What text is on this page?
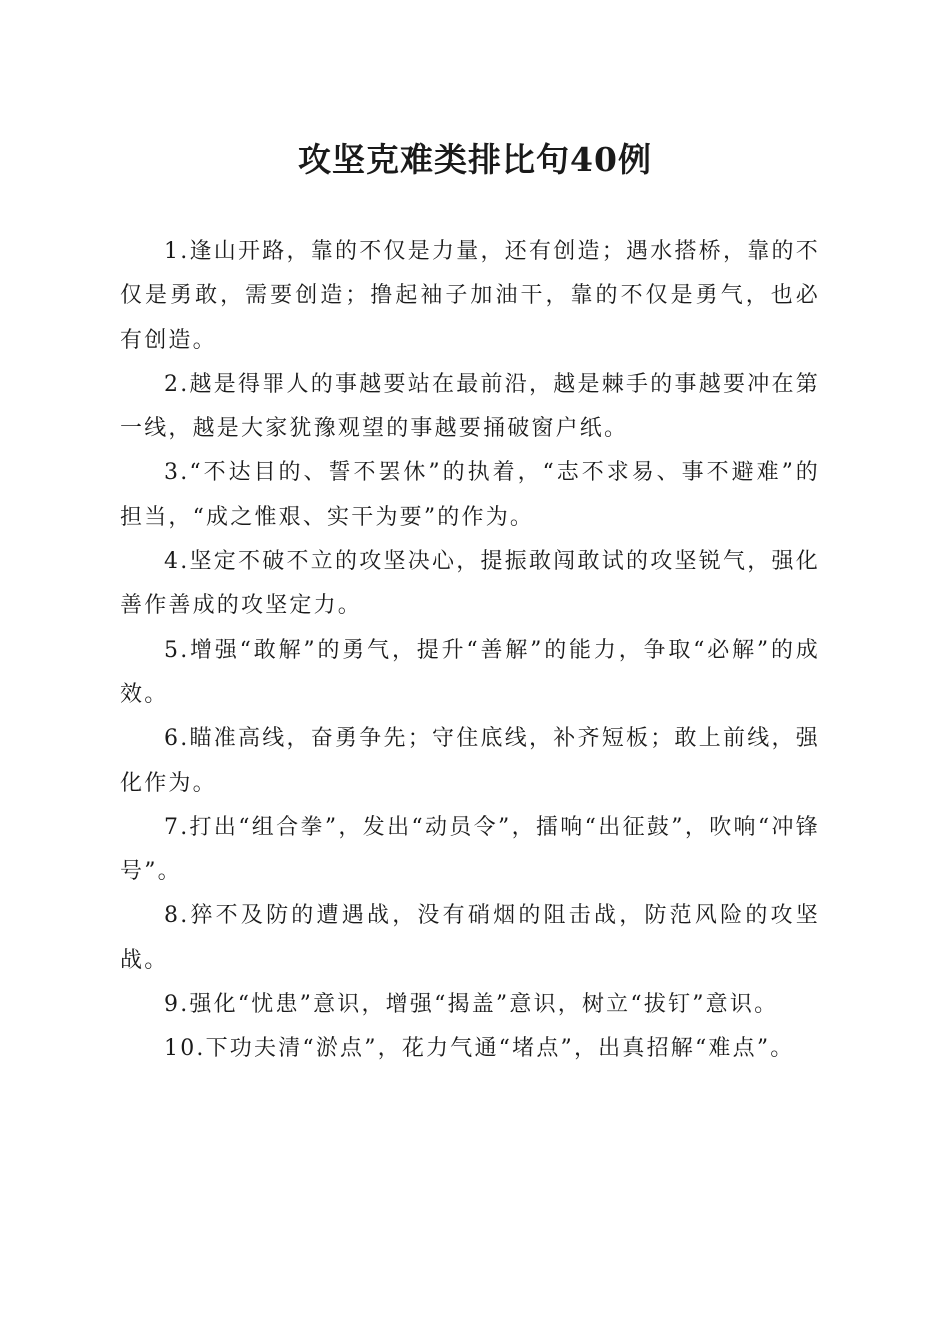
攻坚克难类排比句40例

1.逢山开路，靠的不仅是力量，还有创造；遇水搭桥，靠的不仅是勇敢，需要创造；撸起袖子加油干，靠的不仅是勇气，也必有创造。

2.越是得罪人的事越要站在最前沿，越是棘手的事越要冲在第一线，越是大家犹豫观望的事越要捅破窗户纸。

3.“不达目的、誓不罢休”的执着，“志不求易、事不避难”的担当，“成之惟艰、实干为要”的作为。

4.坚定不破不立的攻坚决心，提振敢闯敢试的攻坚锐气，强化善作善成的攻坚定力。

5.增强“敢解”的勇气，提升“善解”的能力，争取“必解”的成效。

6.瞄准高线，奋勇争先；守住底线，补齐短板；敢上前线，强化作为。

7.打出“组合拳”，发出“动员令”，擂响“出征鼓”，吹响“冲锋号”。

8.猝不及防的遭遇战，没有硝烟的阻击战，防范风险的攻坚战。

9.强化“忧患”意识，增强“揭盖”意识，树立“拔钉”意识。

10.下功夫清“淤点”，花力气通“堵点”，出真招解“难点”。
